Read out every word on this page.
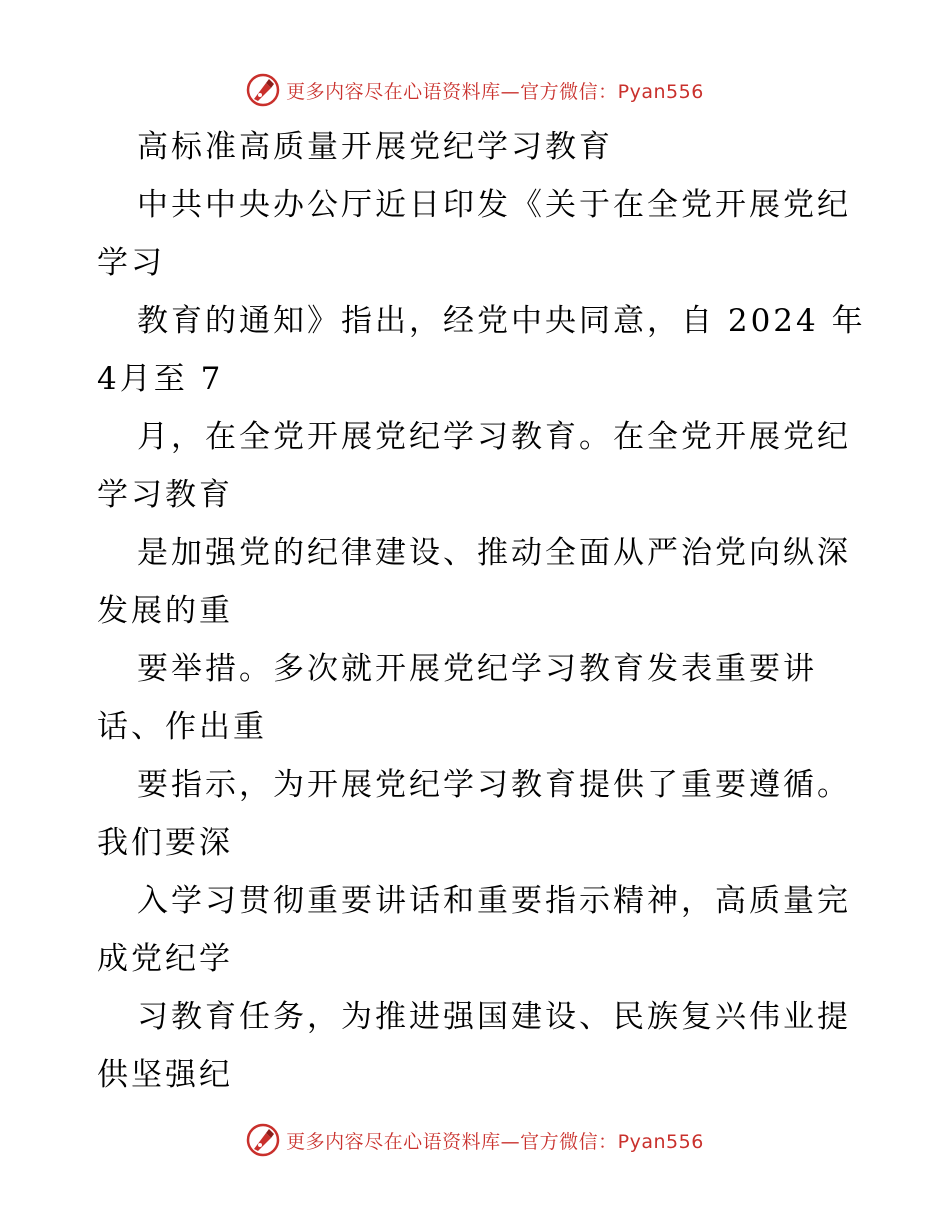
更多内容尽在心语资料库—官方微信：Pyan556
高标准高质量开展党纪学习教育
中共中央办公厅近日印发《关于在全党开展党纪
学习
教育的通知》指出，经党中央同意，自 2024 年
4月至 7
月，在全党开展党纪学习教育。在全党开展党纪
学习教育
是加强党的纪律建设、推动全面从严治党向纵深
发展的重
要举措。多次就开展党纪学习教育发表重要讲
话、作出重
要指示，为开展党纪学习教育提供了重要遵循。
我们要深
入学习贯彻重要讲话和重要指示精神，高质量完
成党纪学
习教育任务，为推进强国建设、民族复兴伟业提
供坚强纪
更多内容尽在心语资料库—官方微信：Pyan556
